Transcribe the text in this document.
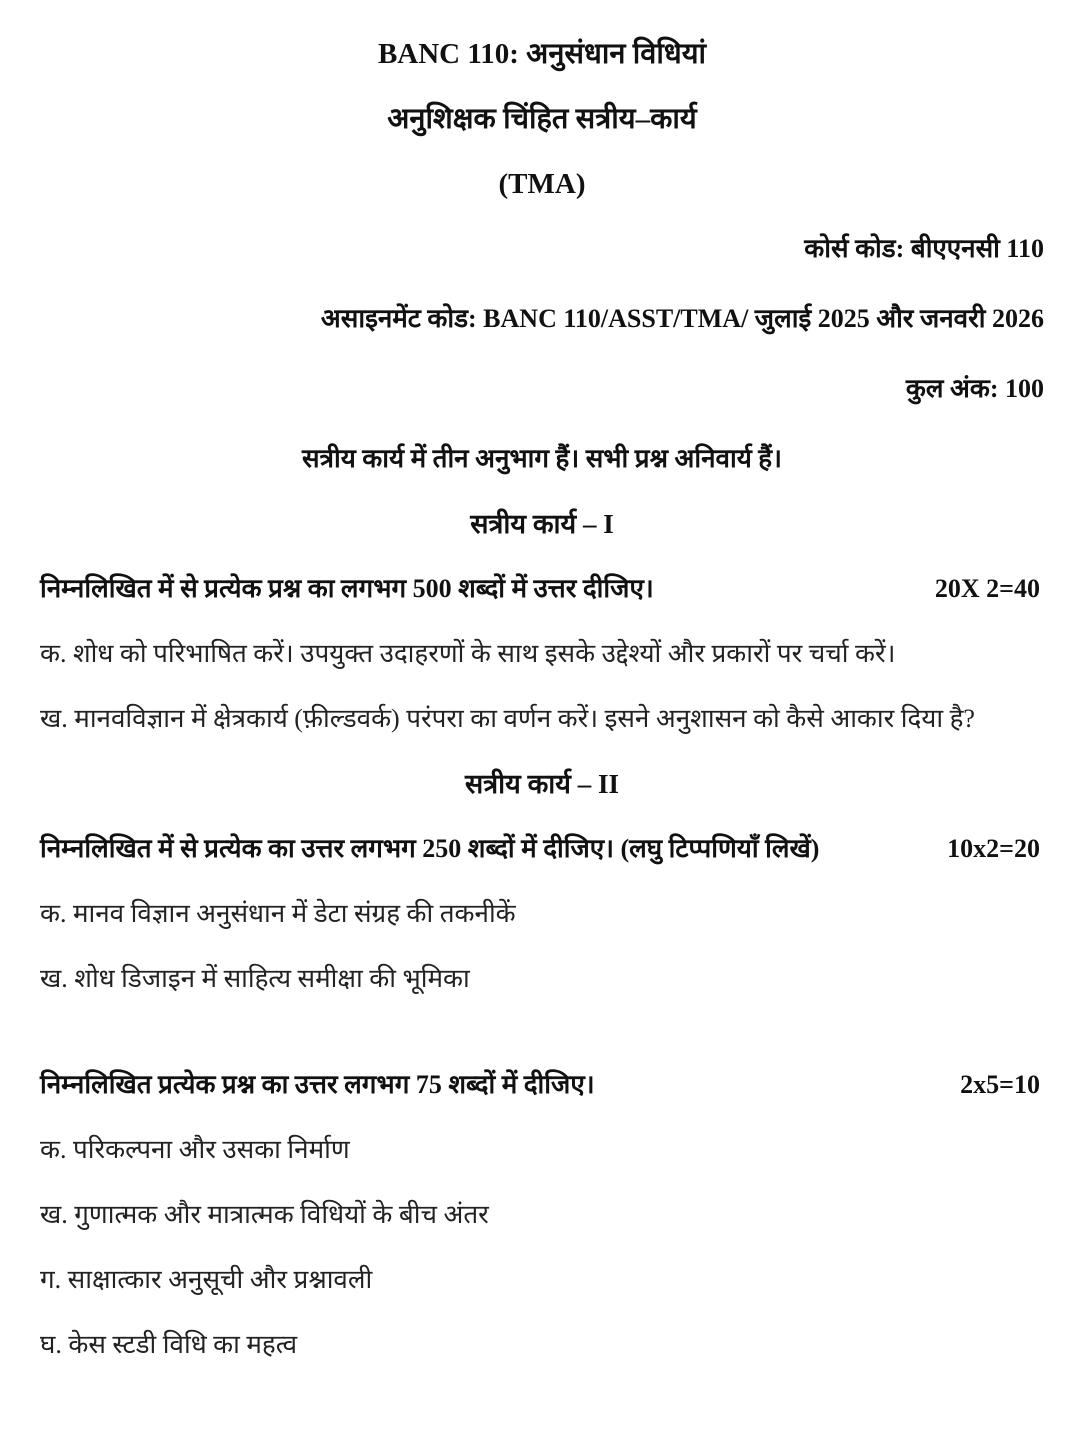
BANC 110: अनुसंधान विधियां
अनुशिक्षक चिंहित सत्रीय–कार्य
(TMA)
कोर्स कोड: बीएएनसी 110
असाइनमेंट कोड: BANC 110/ASST/TMA/ जुलाई 2025 और जनवरी 2026
कुल अंक: 100
सत्रीय कार्य में तीन अनुभाग हैं। सभी प्रश्न अनिवार्य हैं।
सत्रीय कार्य – I
निम्नलिखित में से प्रत्येक प्रश्न का लगभग 500 शब्दों में उत्तर दीजिए।	20X 2=40
क. शोध को परिभाषित करें। उपयुक्त उदाहरणों के साथ इसके उद्देश्यों और प्रकारों पर चर्चा करें।
ख. मानवविज्ञान में क्षेत्रकार्य (फ़ील्डवर्क) परंपरा का वर्णन करें। इसने अनुशासन को कैसे आकार दिया है?
सत्रीय कार्य – II
निम्नलिखित में से प्रत्येक का उत्तर लगभग 250 शब्दों में दीजिए। (लघु टिप्पणियाँ लिखें)	10x2=20
क. मानव विज्ञान अनुसंधान में डेटा संग्रह की तकनीकें
ख. शोध डिजाइन में साहित्य समीक्षा की भूमिका
निम्नलिखित प्रत्येक प्रश्न का उत्तर लगभग 75 शब्दों में दीजिए।	2x5=10
क. परिकल्पना और उसका निर्माण
ख. गुणात्मक और मात्रात्मक विधियों के बीच अंतर
ग. साक्षात्कार अनुसूची और प्रश्नावली
घ. केस स्टडी विधि का महत्व
